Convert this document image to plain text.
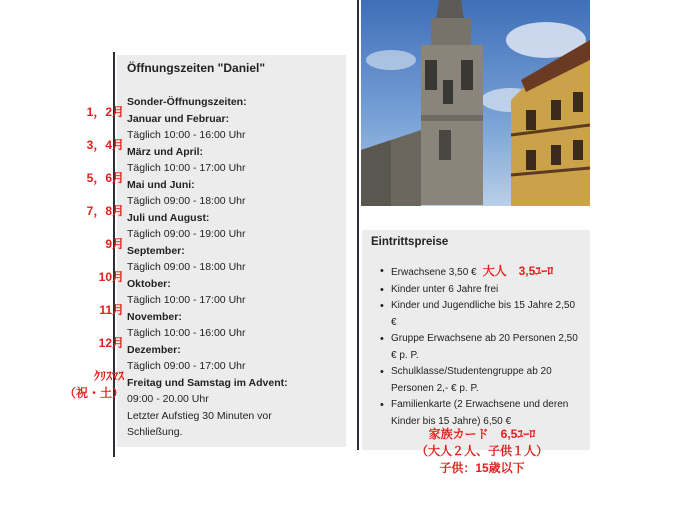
Öffnungszeiten "Daniel"
Sonder-Öffnungszeiten:
Januar und Februar:
Täglich 10:00 - 16:00 Uhr
März und April:
Täglich 10:00 - 17:00 Uhr
Mai und Juni:
Täglich 09:00 - 18:00 Uhr
Juli und August:
Täglich 09:00 - 19:00 Uhr
September:
Täglich 09:00 - 18:00 Uhr
Oktober:
Täglich 10:00 - 17:00 Uhr
November:
Täglich 10:00 - 16:00 Uhr
Dezember:
Täglich 09:00 - 17:00 Uhr
Freitag und Samstag im Advent:
09:00 - 20.00 Uhr
Letzter Aufstieg 30 Minuten vor
Schließung.
1，2月
3，4月
5，6月
7，8月
9月
10月
11月
12月
ｸﾘｽﾏｽ
（祝・土）
Eintrittspreise
• Erwachsene 3,50 € 大人　3,5ﾕｰﾛ
• Kinder unter 6 Jahre frei
• Kinder und Jugendliche bis 15 Jahre 2,50 €
• Gruppe Erwachsene ab 20 Personen 2,50 € p. P.
• Schulklasse/Studentengruppe ab 20 Personen 2,- € p. P.
• Familienkarte (2 Erwachsene und deren Kinder bis 15 Jahre) 6,50 €
家族カード　6,5ﾕｰﾛ
（大人２人、子供１人）
子供：15歳以下
